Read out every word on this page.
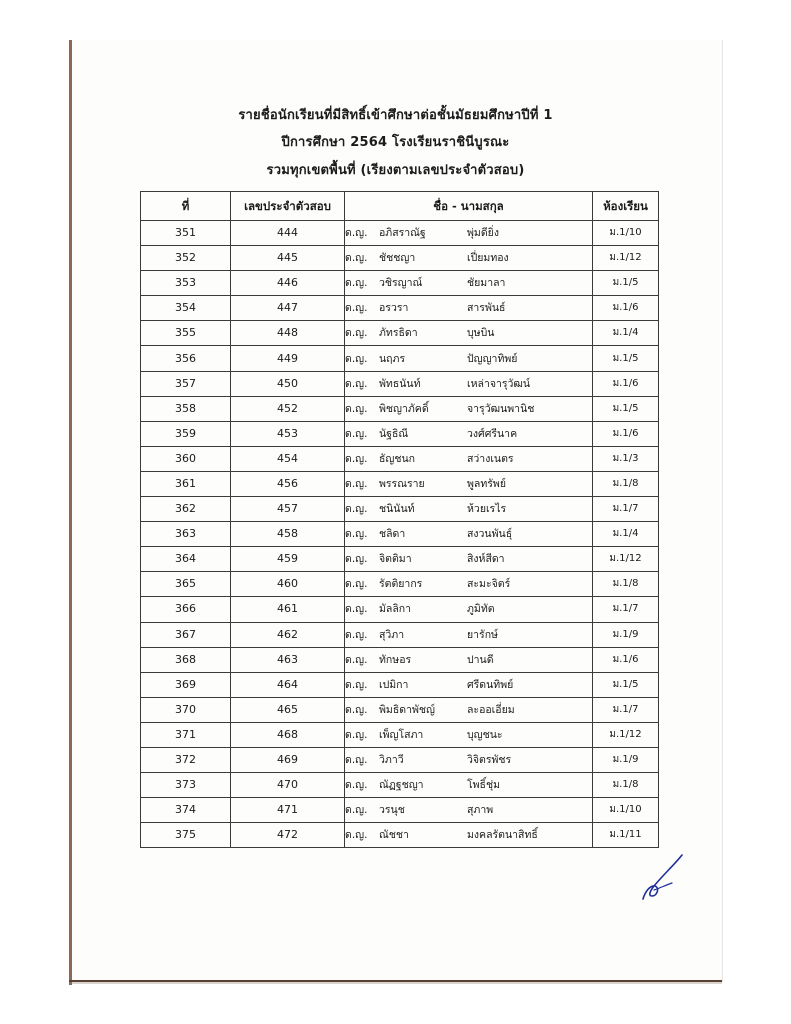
รายชื่อนักเรียนที่มีสิทธิ์เข้าศึกษาต่อชั้นมัธยมศึกษาปีที่ 1
ปีการศึกษา 2564 โรงเรียนราชินีบูรณะ
รวมทุกเขตพื้นที่ (เรียงตามเลขประจำตัวสอบ)
ที่	เลขประจำตัวสอบ	ชื่อ - นามสกุล	ห้องเรียน
351	444	ด.ญ. อภิสราณัฐ พุ่มดียิ่ง	ม.1/10
352	445	ด.ญ. ชัชชญา เปี่ยมทอง	ม.1/12
353	446	ด.ญ. วชิรญาณ์ ชัยมาลา	ม.1/5
354	447	ด.ญ. อรวรา สารพันธ์	ม.1/6
355	448	ด.ญ. ภัทรธิดา บุษบิน	ม.1/4
356	449	ด.ญ. นฤภร ปัญญาทิพย์	ม.1/5
357	450	ด.ญ. พัทธนันท์ เหล่าจารุวัฒน์	ม.1/6
358	452	ด.ญ. พิชญาภัคดิ์ จารุวัฒนพานิช	ม.1/5
359	453	ด.ญ. นัฐธิณี วงศ์ศรีนาค	ม.1/6
360	454	ด.ญ. ธัญชนก สว่างเนตร	ม.1/3
361	456	ด.ญ. พรรณราย พูลทรัพย์	ม.1/8
362	457	ด.ญ. ชนินันท์ ห้วยเรไร	ม.1/7
363	458	ด.ญ. ชลิดา สงวนพันธุ์	ม.1/4
364	459	ด.ญ. จิตติมา สิงห์สีดา	ม.1/12
365	460	ด.ญ. รัตติยากร สะมะจิตร์	ม.1/8
366	461	ด.ญ. มัลลิกา ภูมิทัต	ม.1/7
367	462	ด.ญ. สุวิภา ยารักษ์	ม.1/9
368	463	ด.ญ. ทักษอร ปานดี	ม.1/6
369	464	ด.ญ. เปมิกา ศรีดนทิพย์	ม.1/5
370	465	ด.ญ. พิมธิดาพัชญ์ ละออเอี่ยม	ม.1/7
371	468	ด.ญ. เพ็ญโสภา บุญชนะ	ม.1/12
372	469	ด.ญ. วิภาวี วิจิตรพัชร	ม.1/9
373	470	ด.ญ. ณัฏฐชญา โพธิ์ชุ่ม	ม.1/8
374	471	ด.ญ. วรนุช สุภาพ	ม.1/10
375	472	ด.ญ. ณัชชา มงคลรัตนาสิทธิ์	ม.1/11
